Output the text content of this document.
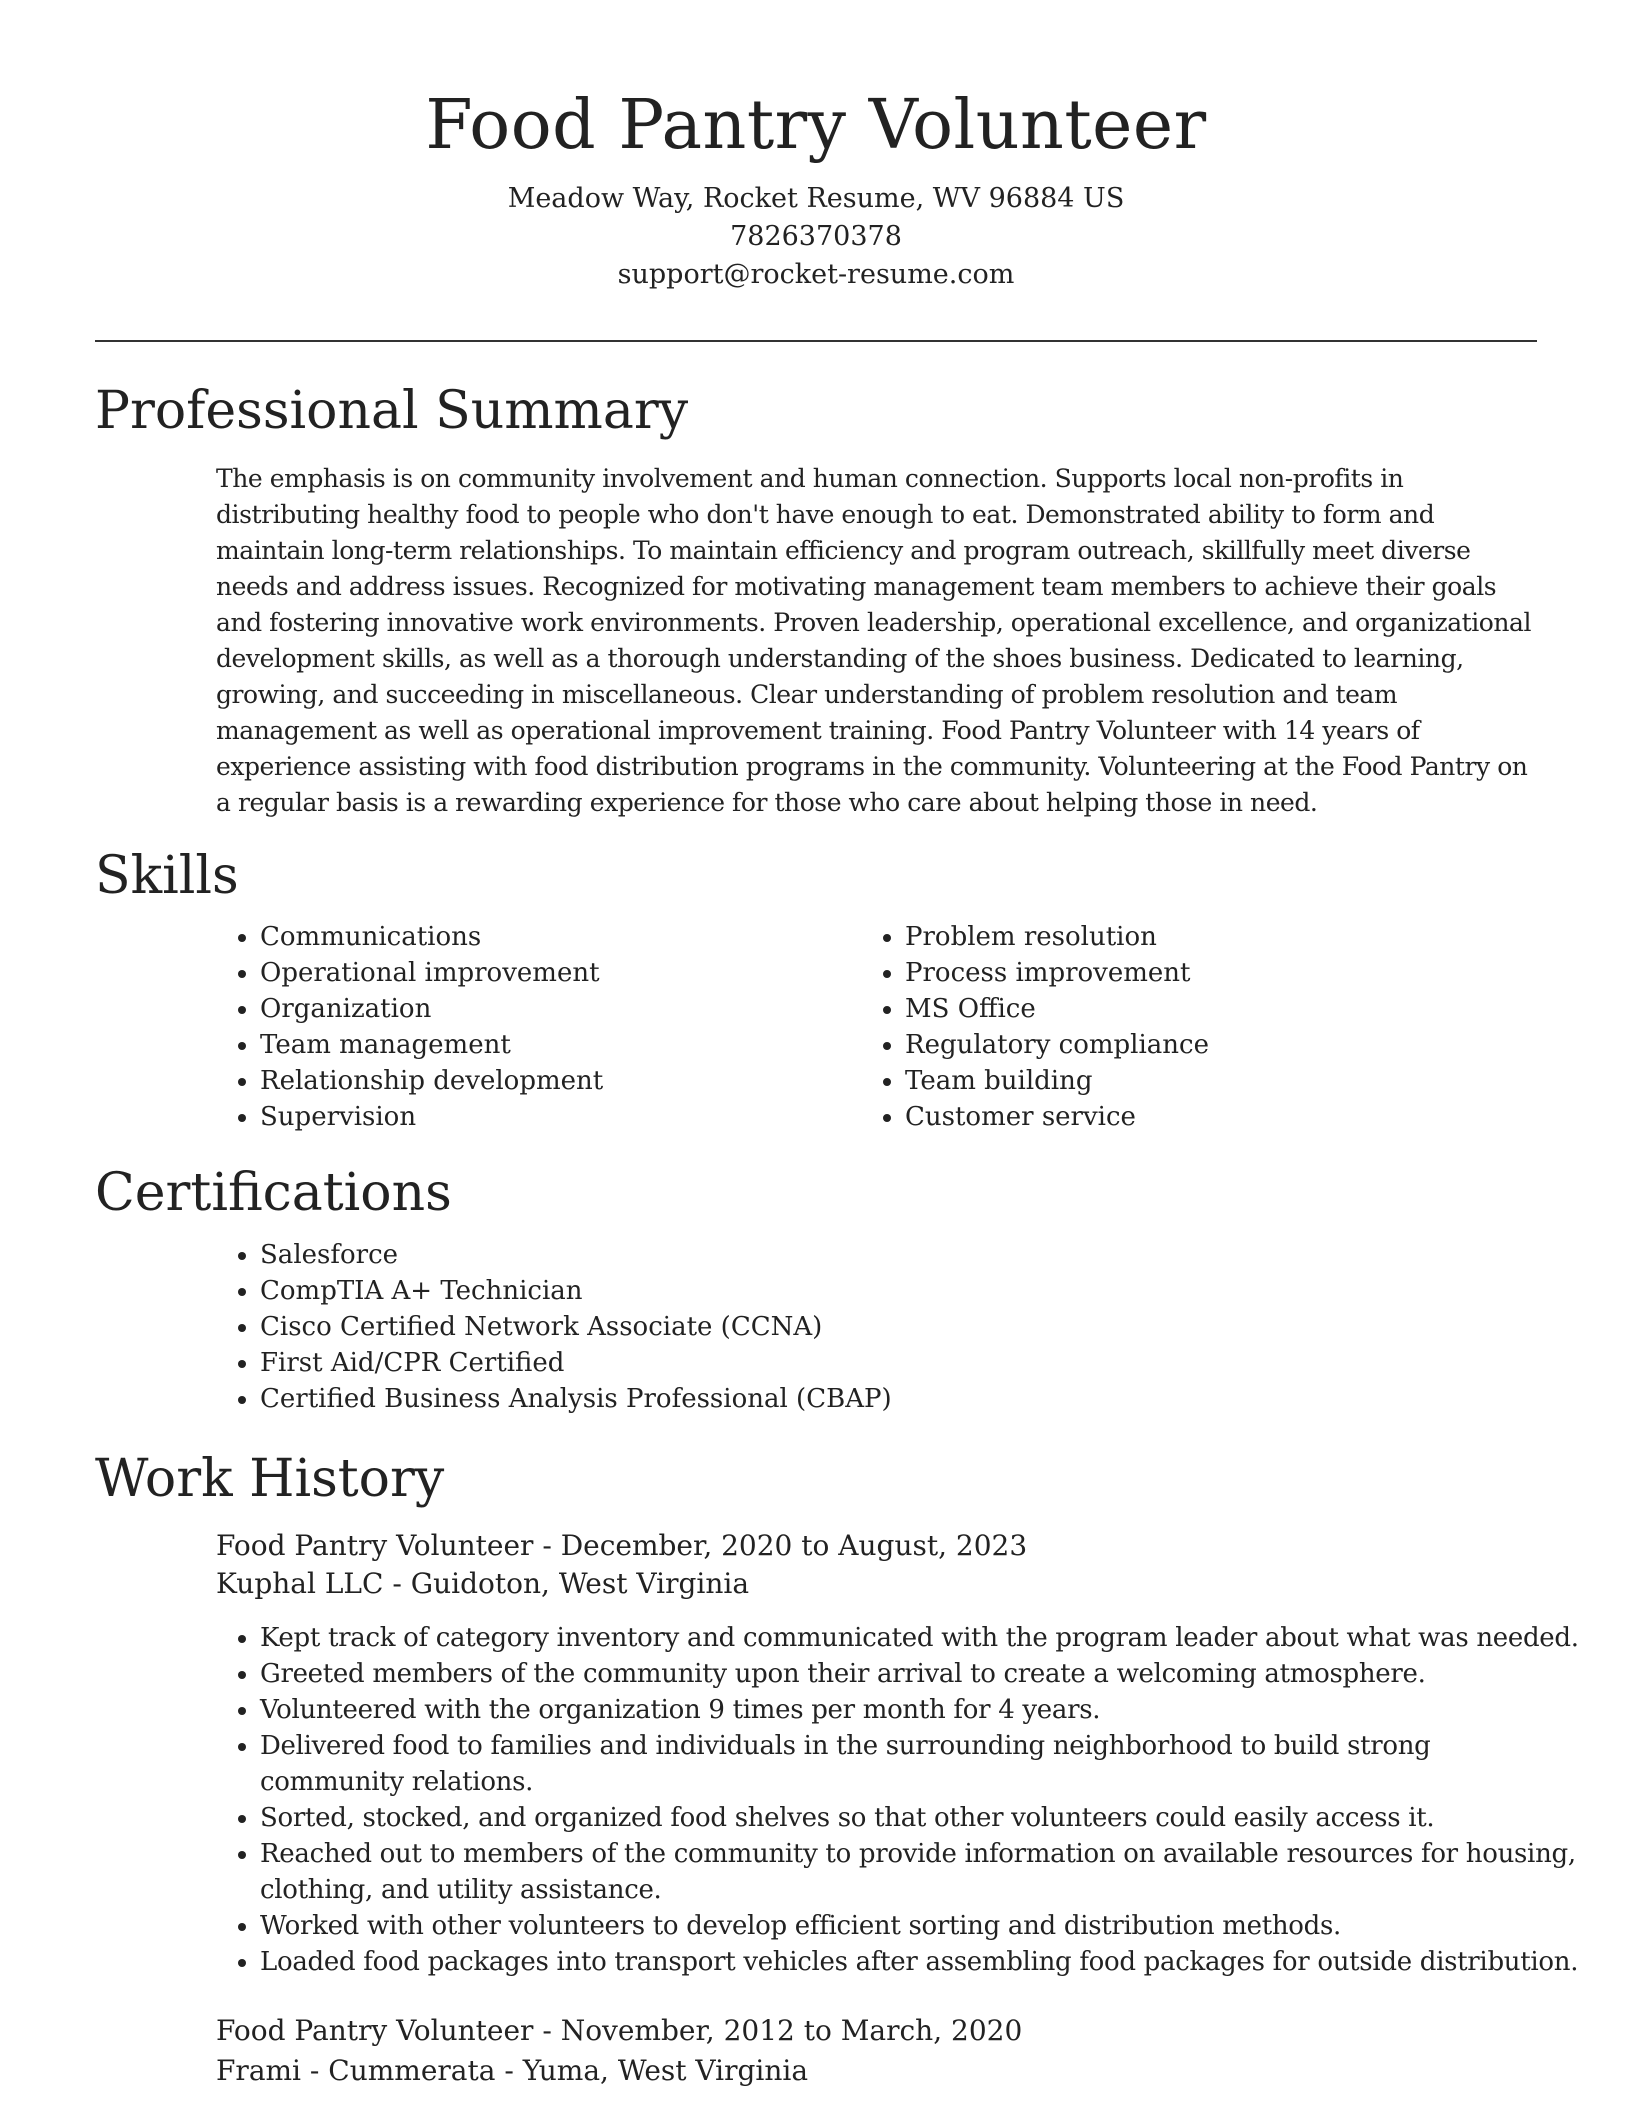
Food Pantry Volunteer
Meadow Way, Rocket Resume, WV 96884 US
7826370378
support@rocket-resume.com
Professional Summary

The emphasis is on community involvement and human connection. Supports local non-profits in distributing healthy food to people who don't have enough to eat. Demonstrated ability to form and maintain long-term relationships. To maintain efficiency and program outreach, skillfully meet diverse needs and address issues. Recognized for motivating management team members to achieve their goals and fostering innovative work environments. Proven leadership, operational excellence, and organizational development skills, as well as a thorough understanding of the shoes business. Dedicated to learning, growing, and succeeding in miscellaneous. Clear understanding of problem resolution and team management as well as operational improvement training. Food Pantry Volunteer with 14 years of experience assisting with food distribution programs in the community. Volunteering at the Food Pantry on a regular basis is a rewarding experience for those who care about helping those in need.

Skills
• Communications
• Operational improvement
• Organization
• Team management
• Relationship development
• Supervision
• Problem resolution
• Process improvement
• MS Office
• Regulatory compliance
• Team building
• Customer service
Certifications
• Salesforce
• CompTIA A+ Technician
• Cisco Certified Network Associate (CCNA)
• First Aid/CPR Certified
• Certified Business Analysis Professional (CBAP)
Work History
Food Pantry Volunteer - December, 2020 to August, 2023
Kuphal LLC - Guidoton, West Virginia
• Kept track of category inventory and communicated with the program leader about what was needed.
• Greeted members of the community upon their arrival to create a welcoming atmosphere.
• Volunteered with the organization 9 times per month for 4 years.
• Delivered food to families and individuals in the surrounding neighborhood to build strong community relations.
• Sorted, stocked, and organized food shelves so that other volunteers could easily access it.
• Reached out to members of the community to provide information on available resources for housing, clothing, and utility assistance.
• Worked with other volunteers to develop efficient sorting and distribution methods.
• Loaded food packages into transport vehicles after assembling food packages for outside distribution.
Food Pantry Volunteer - November, 2012 to March, 2020
Frami - Cummerata - Yuma, West Virginia
